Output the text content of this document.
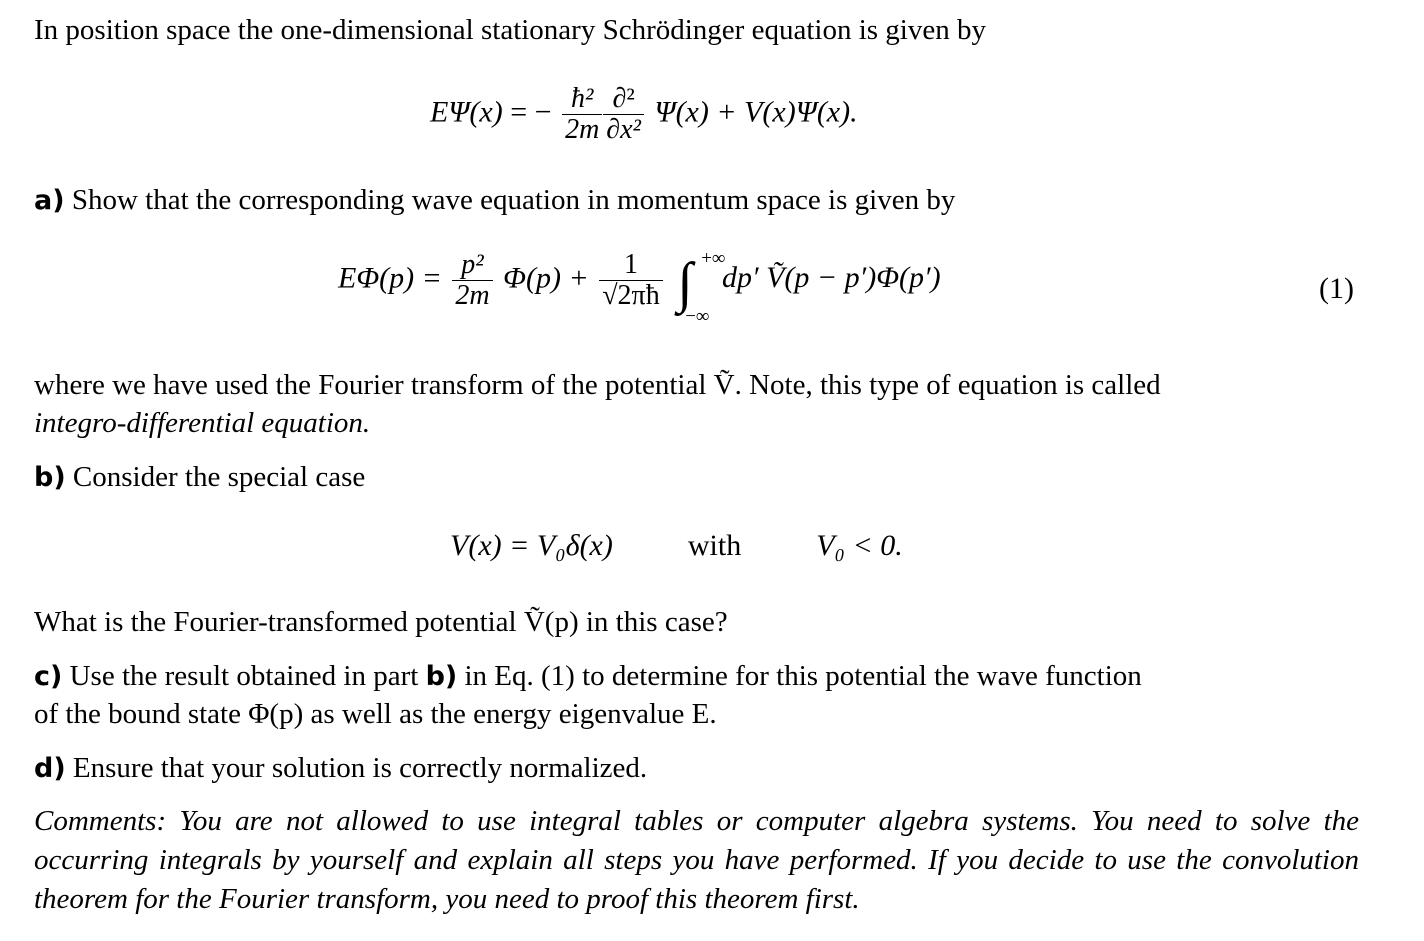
In position space the one-dimensional stationary Schrödinger equation is given by
EΨ(x) = − $\frac{\text{ħ²}}{2m} \frac{\text{∂²}}{\text{∂x²}} \Psi(x) + V(x)\Psi(x)$.
a) Show that the corresponding wave equation in momentum space is given by
$E\Phi(p) = \frac{\text{p²}}{2m} \Phi(p) + \frac{1}{√2\pi ħ}$ ∫ +∞
−∞
dp′ Ṽ(p − p′)Φ(p′)	(1)
where we have used the Fourier transform of the potential Ṽ. Note, this type of equation is called
integro-differential equation.
b) Consider the special case
V(x) = V₀δ(x)	with	V₀ < 0.
What is the Fourier-transformed potential Ṽ(p) in this case?
c) Use the result obtained in part b) in Eq. (1) to determine for this potential the wave function
of the bound state Φ(p) as well as the energy eigenvalue E.
d) Ensure that your solution is correctly normalized.
Comments: You are not allowed to use integral tables or computer algebra systems. You need to solve the occurring integrals by yourself and explain all steps you have performed. If you decide to use the convolution theorem for the Fourier transform, you need to proof this theorem first.
